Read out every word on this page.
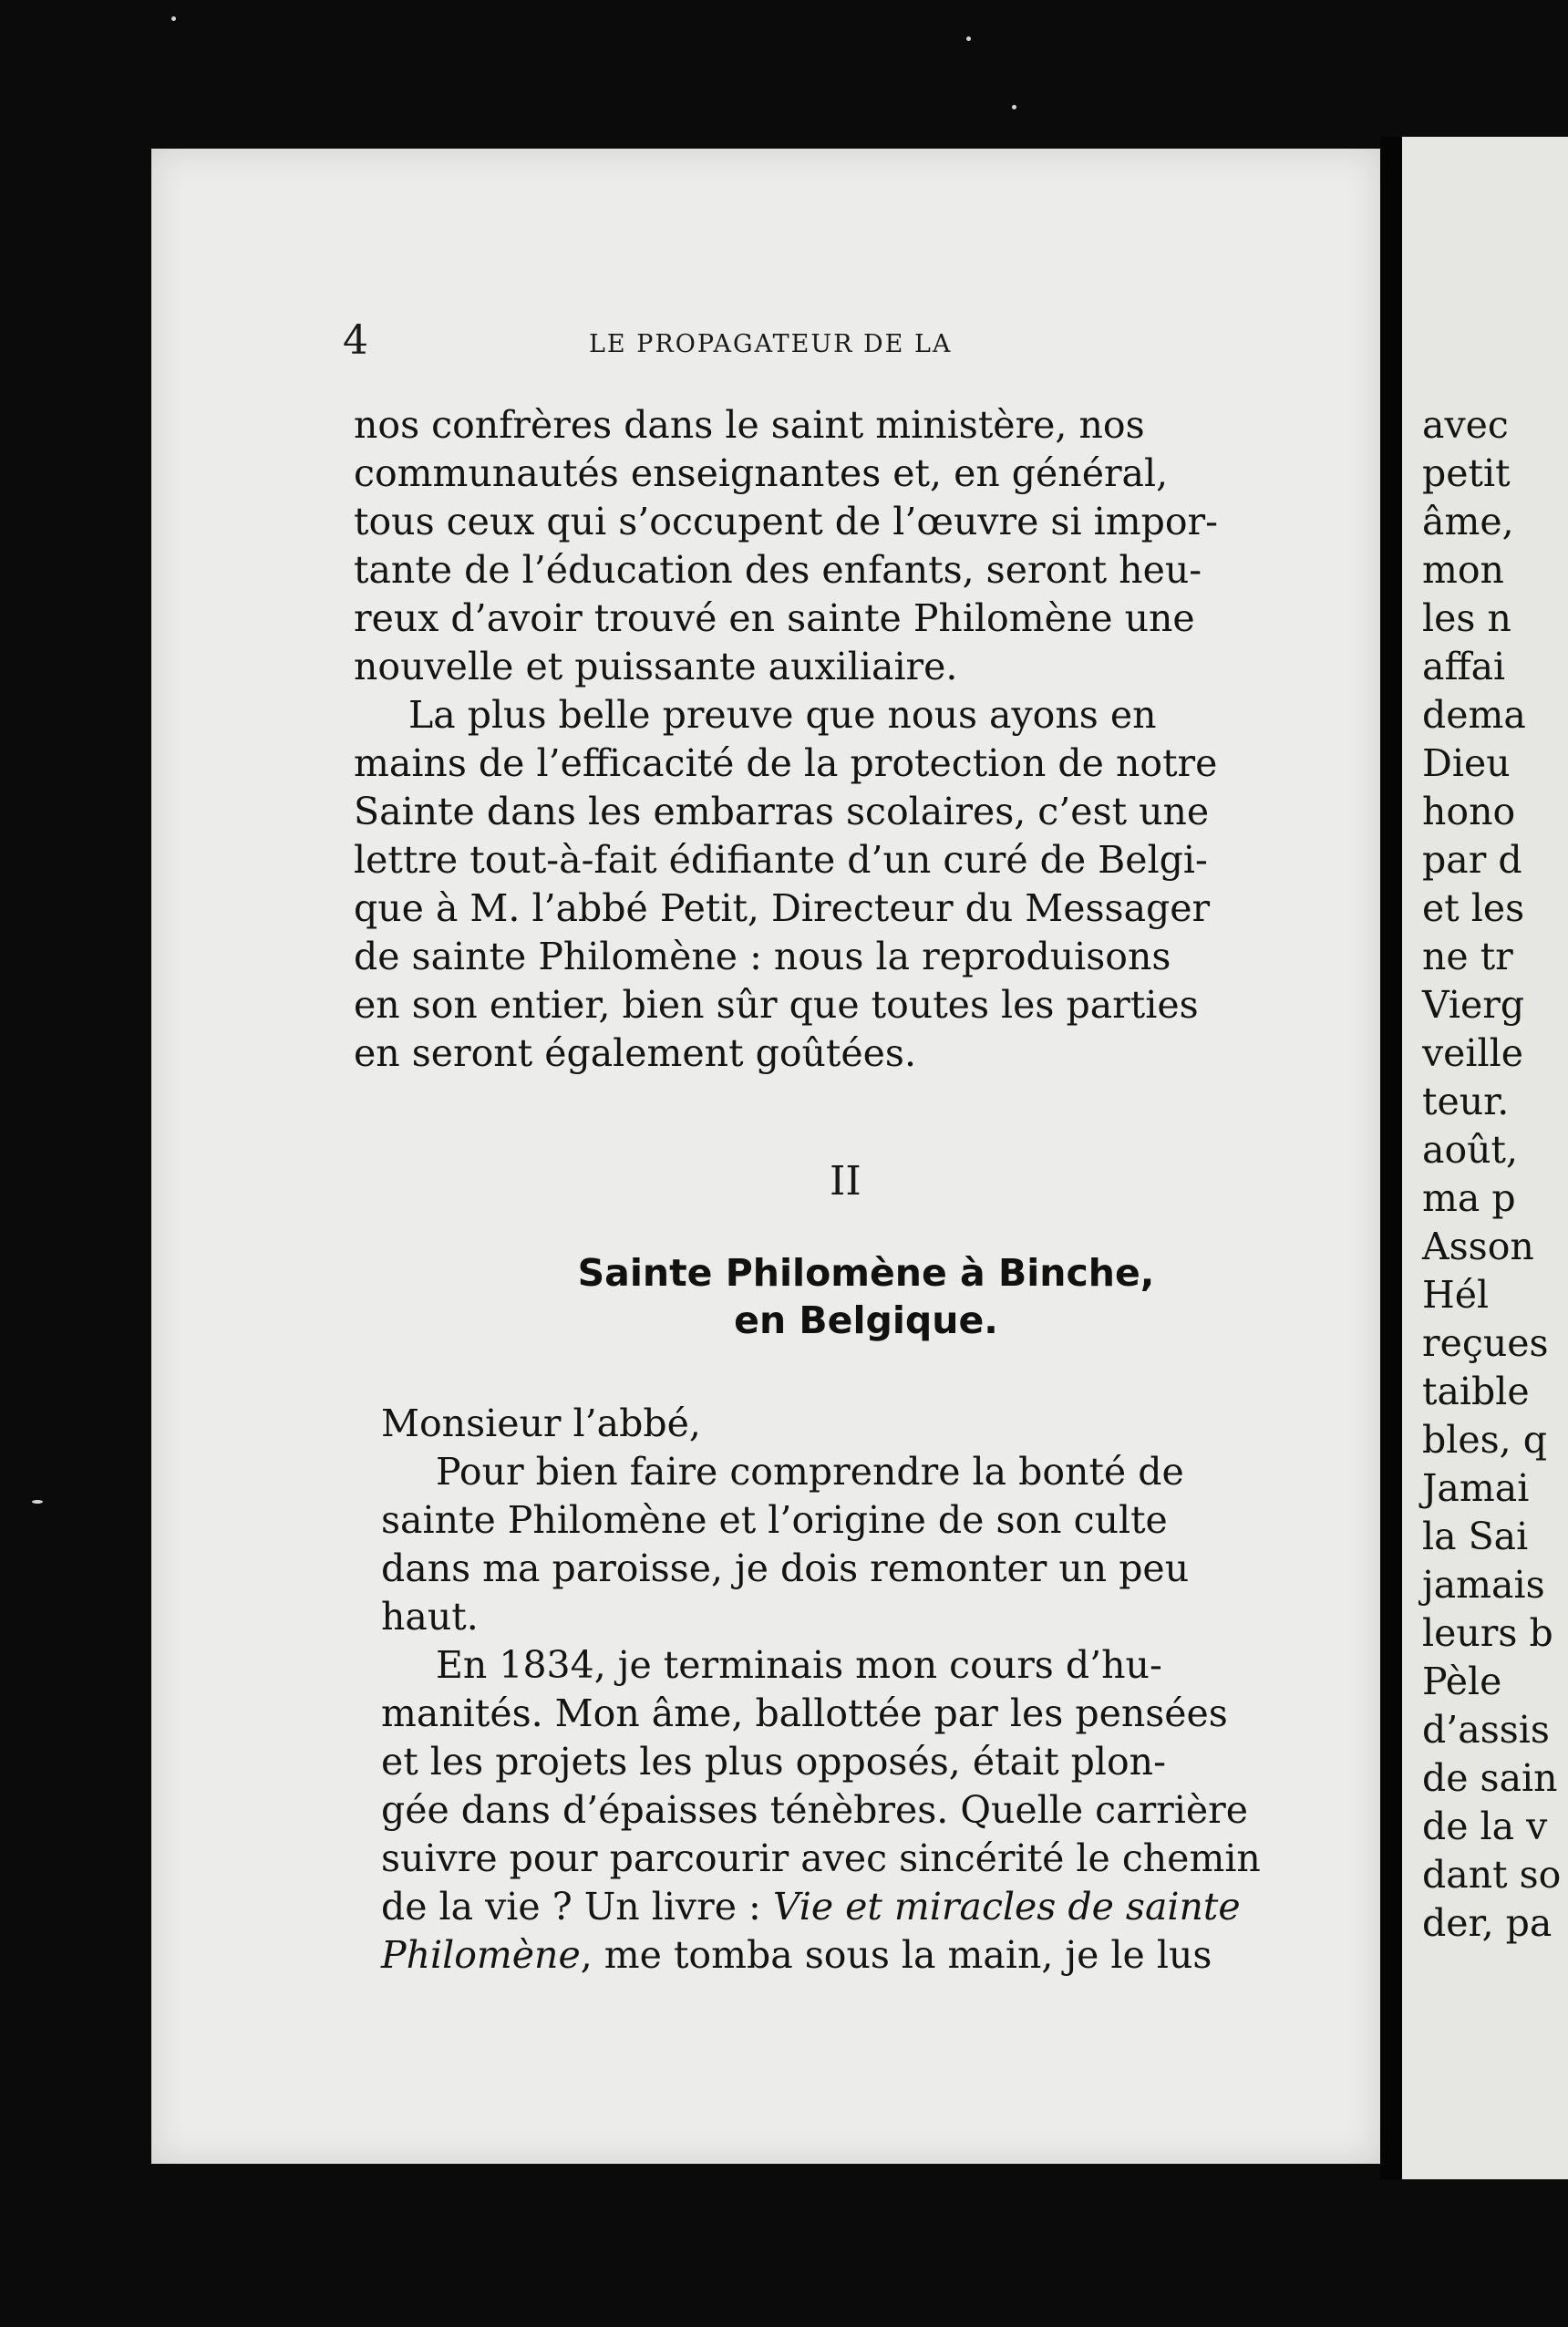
avec
petit
âme,
mon
les n
affai
dema
Dieu
hono
par d
et les
ne tr
Vierg
veille
teur.
août,
ma p
Asson
Hél
reçues
taible
bles, q
Jamai
la Sai
jamais
leurs b
Pèle
d’assis
de sain
de la v
dant so
der, pa
4	LE PROPAGATEUR DE LA
nos confrères dans le saint ministère, nos
communautés enseignantes et, en général,
tous ceux qui s’occupent de l’œuvre si impor-
tante de l’éducation des enfants, seront heu-
reux d’avoir trouvé en sainte Philomène une
nouvelle et puissante auxiliaire.
La plus belle preuve que nous ayons en
mains de l’efficacité de la protection de notre
Sainte dans les embarras scolaires, c’est une
lettre tout-à-fait édifiante d’un curé de Belgi-
que à M. l’abbé Petit, Directeur du Messager
de sainte Philomène : nous la reproduisons
en son entier, bien sûr que toutes les parties
en seront également goûtées.
II
Sainte Philomène à Binche,
en Belgique.
Monsieur l’abbé,
Pour bien faire comprendre la bonté de
sainte Philomène et l’origine de son culte
dans ma paroisse, je dois remonter un peu
haut.
En 1834, je terminais mon cours d’hu-
manités. Mon âme, ballottée par les pensées
et les projets les plus opposés, était plon-
gée dans d’épaisses ténèbres. Quelle carrière
suivre pour parcourir avec sincérité le chemin
de la vie ? Un livre : Vie et miracles de sainte
Philomène, me tomba sous la main, je le lus
